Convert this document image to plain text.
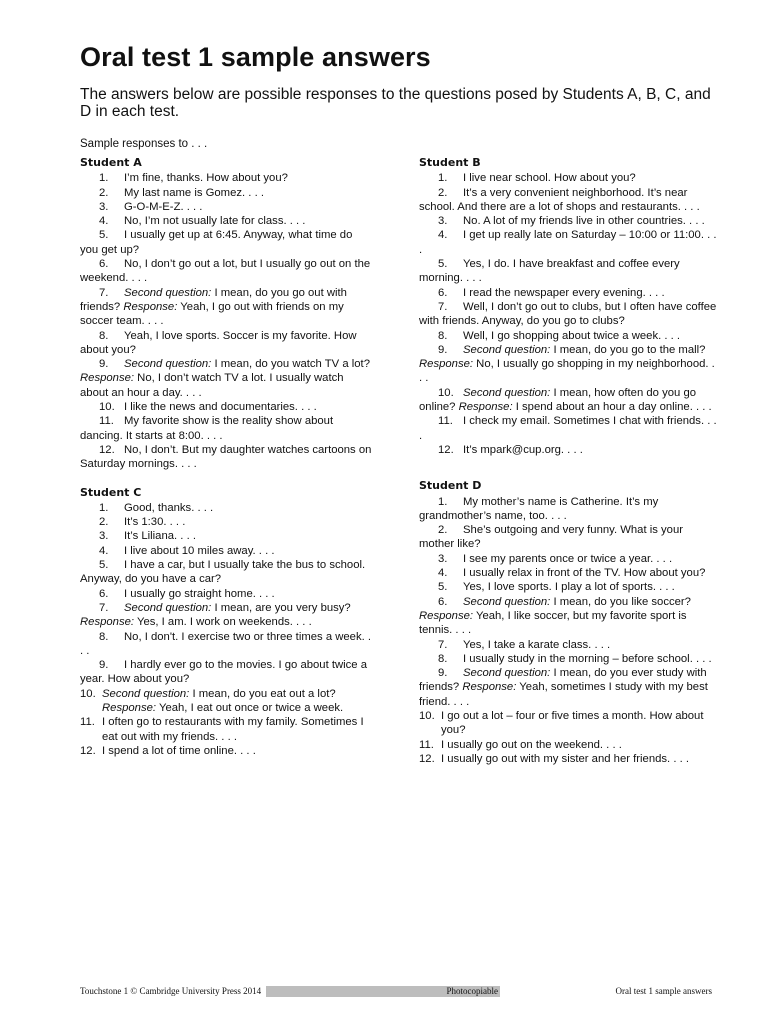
Oral test 1 sample answers
The answers below are possible responses to the questions posed by Students A, B, C, and D in each test.
Sample responses to . . .
Student A
1.	I’m fine, thanks. How about you?
2.	My last name is Gomez. . . .
3.	G-O-M-E-Z. . . .
4.	No, I’m not usually late for class. . . .
5.	I usually get up at 6:45. Anyway, what time do you get up?
6.	No, I don’t go out a lot, but I usually go out on the weekend. . . .
7.	Second question: I mean, do you go out with friends? Response: Yeah, I go out with friends on my soccer team. . . .
8.	Yeah, I love sports. Soccer is my favorite. How about you?
9.	Second question: I mean, do you watch TV a lot? Response: No, I don’t watch TV a lot. I usually watch about an hour a day. . . .
10. I like the news and documentaries. . . .
11. My favorite show is the reality show about dancing. It starts at 8:00. . . .
12. No, I don’t. But my daughter watches cartoons on Saturday mornings. . . .
Student C
1.	Good, thanks. . . .
2.	It’s 1:30. . . .
3.	It’s Liliana. . . .
4.	I live about 10 miles away. . . .
5.	I have a car, but I usually take the bus to school. Anyway, do you have a car?
6.	I usually go straight home. . . .
7.	Second question: I mean, are you very busy? Response: Yes, I am. I work on weekends. . . .
8.	No, I don't. I exercise two or three times a week. . . .
9.	I hardly ever go to the movies. I go about twice a year. How about you?
10. Second question: I mean, do you eat out a lot? Response: Yeah, I eat out once or twice a week.
11. I often go to restaurants with my family. Sometimes I eat out with my friends. . . .
12. I spend a lot of time online. . . .
Student B
1.	I live near school. How about you?
2.	It’s a very convenient neighborhood. It’s near school. And there are a lot of shops and restaurants. . . .
3.	No. A lot of my friends live in other countries. . . .
4.	I get up really late on Saturday – 10:00 or 11:00. . . .
5.	Yes, I do. I have breakfast and coffee every morning. . . .
6.	I read the newspaper every evening. . . .
7.	Well, I don’t go out to clubs, but I often have coffee with friends. Anyway, do you go to clubs?
8.	Well, I go shopping about twice a week. . . .
9.	Second question: I mean, do you go to the mall? Response: No, I usually go shopping in my neighborhood. . . .
10. Second question: I mean, how often do you go online? Response: I spend about an hour a day online. . . .
11. I check my email. Sometimes I chat with friends. . . .
12. It’s mpark@cup.org. . . .
Student D
1.	My mother’s name is Catherine. It’s my grandmother’s name, too. . . .
2.	She’s outgoing and very funny. What is your mother like?
3.	I see my parents once or twice a year. . . .
4.	I usually relax in front of the TV. How about you?
5.	Yes, I love sports. I play a lot of sports. . . .
6.	Second question: I mean, do you like soccer? Response: Yeah, I like soccer, but my favorite sport is tennis. . . .
7.	Yes, I take a karate class. . . .
8.	I usually study in the morning – before school. . . .
9.	Second question: I mean, do you ever study with friends? Response: Yeah, sometimes I study with my best friend. . . .
10. I go out a lot – four or five times a month. How about you?
11. I usually go out on the weekend. . . .
12. I usually go out with my sister and her friends. . . .
Touchstone 1 © Cambridge University Press 2014	Photocopiable	Oral test 1 sample answers
